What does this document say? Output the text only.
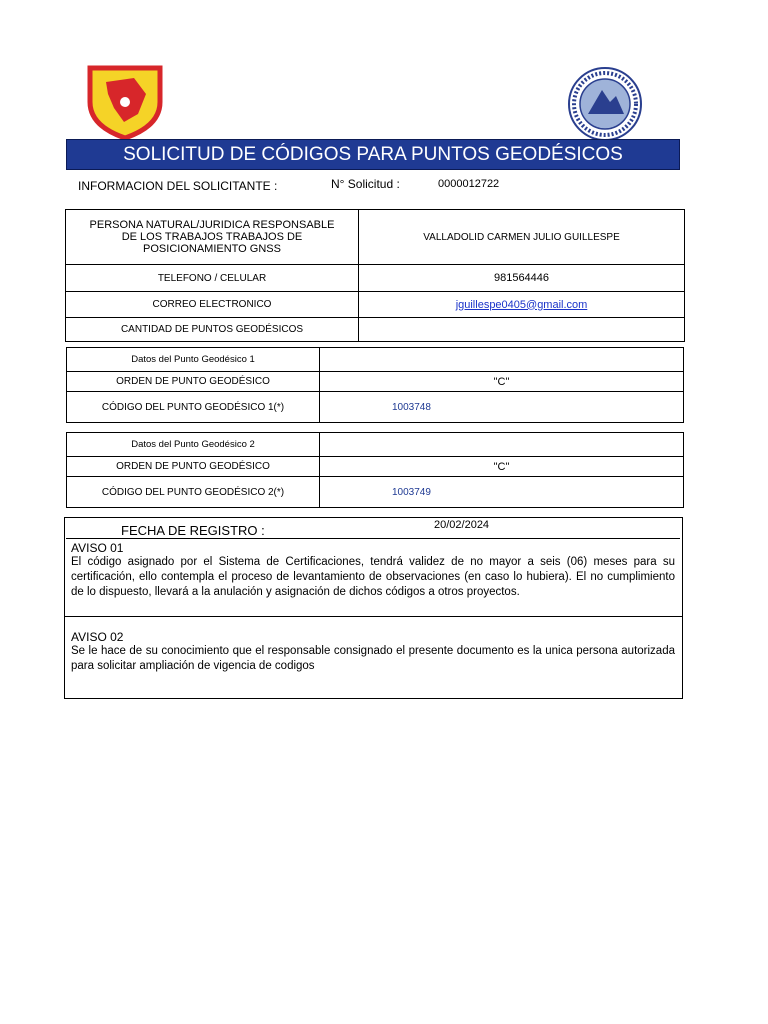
SOLICITUD DE CÓDIGOS PARA PUNTOS GEODÉSICOS
INFORMACION DEL SOLICITANTE :	N° Solicitud :	0000012722
PERSONA NATURAL/JURIDICA RESPONSABLE DE LOS TRABAJOS TRABAJOS DE POSICIONAMIENTO GNSS	VALLADOLID CARMEN JULIO GUILLESPE
TELEFONO / CELULAR	981564446
CORREO ELECTRONICO	jguillespe0405@gmail.com
CANTIDAD DE PUNTOS GEODÉSICOS	
Datos del Punto Geodésico 1	
ORDEN DE PUNTO GEODÉSICO	"C"
CÓDIGO DEL PUNTO GEODÉSICO 1(*)	1003748
Datos del Punto Geodésico 2	
ORDEN DE PUNTO GEODÉSICO	"C"
CÓDIGO DEL PUNTO GEODÉSICO 2(*)	1003749
FECHA DE REGISTRO :	20/02/2024
AVISO 01
El código asignado por el Sistema de Certificaciones, tendrá validez de no mayor a seis (06) meses para su certificación, ello contempla el proceso de levantamiento de observaciones (en caso lo hubiera). El no cumplimiento de lo dispuesto, llevará a la anulación y asignación de dichos códigos a otros proyectos.
AVISO 02
Se le hace de su conocimiento que el responsable consignado el presente documento es la unica persona autorizada para solicitar ampliación de vigencia de codigos
